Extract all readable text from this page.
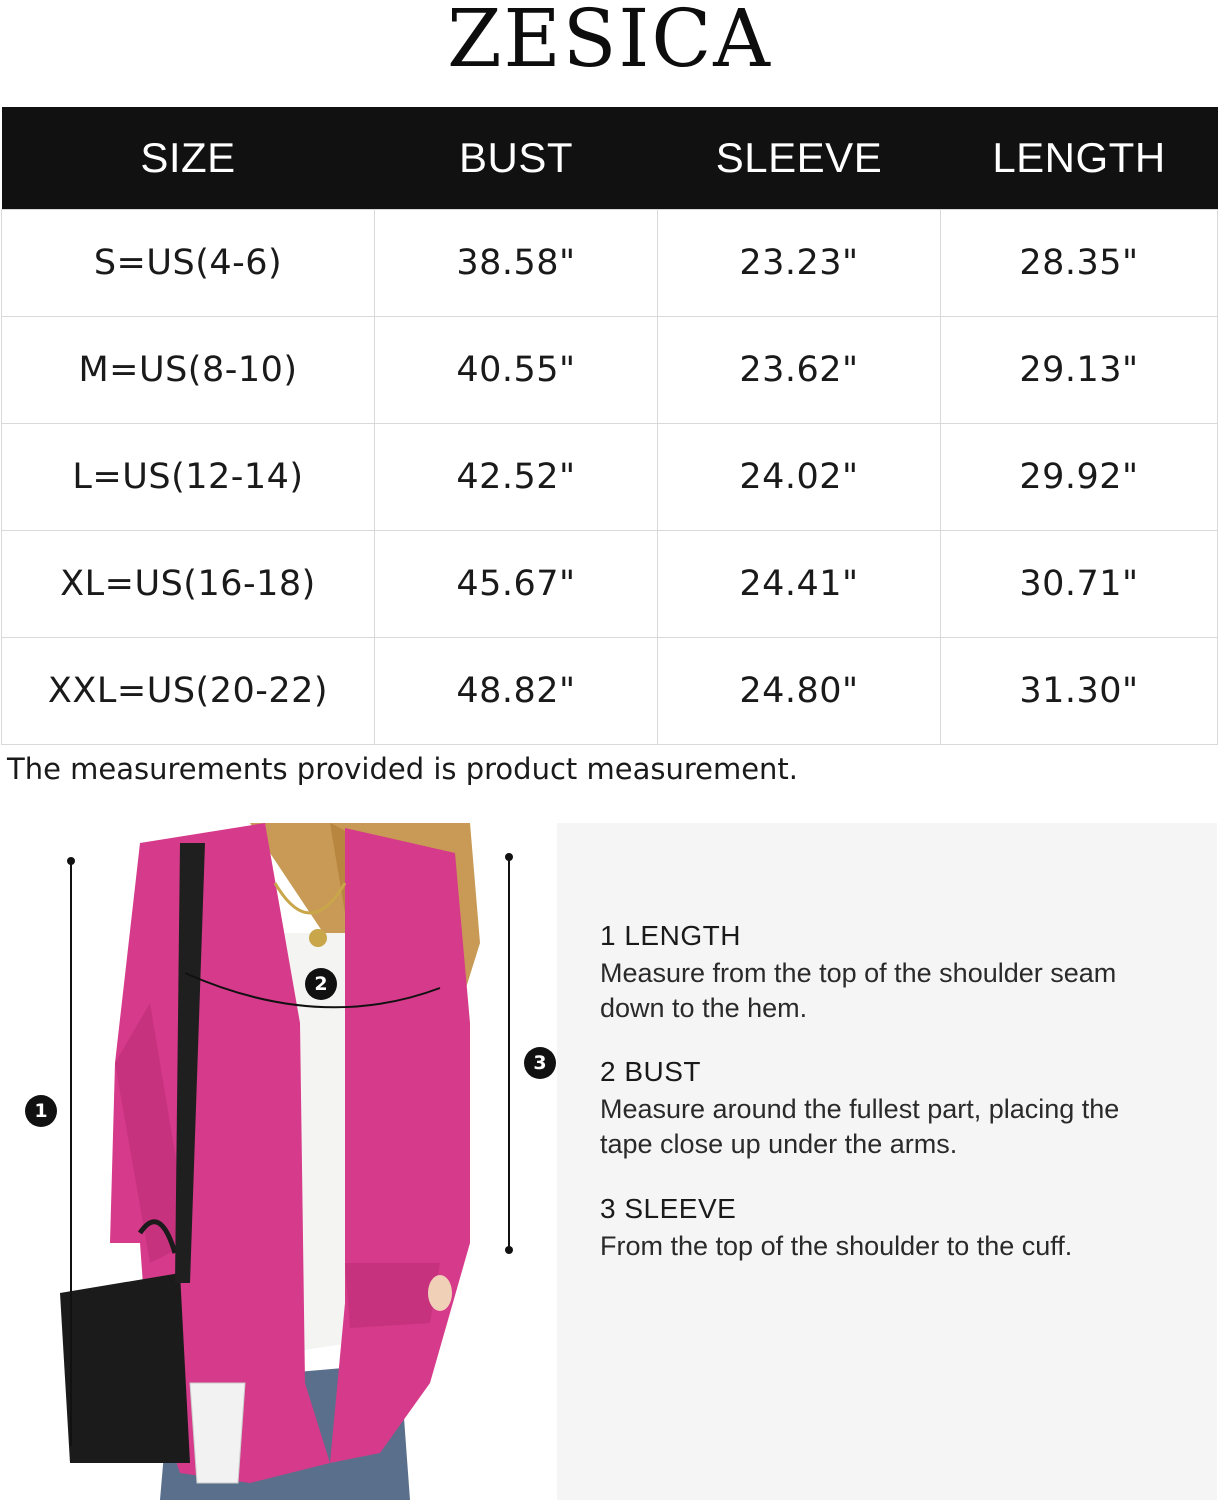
ZESICA
SIZE	BUST	SLEEVE	LENGTH
S=US(4-6)	38.58"	23.23"	28.35"
M=US(8-10)	40.55"	23.62"	29.13"
L=US(12-14)	42.52"	24.02"	29.92"
XL=US(16-18)	45.67"	24.41"	30.71"
XXL=US(20-22)	48.82"	24.80"	31.30"
The measurements provided is product measurement.
1
2
3
1 LENGTH
Measure from the top of the shoulder seam down to the hem.
2 BUST
Measure around the fullest part, placing the tape close up under the arms.
3 SLEEVE
From the top of the shoulder to the cuff.
